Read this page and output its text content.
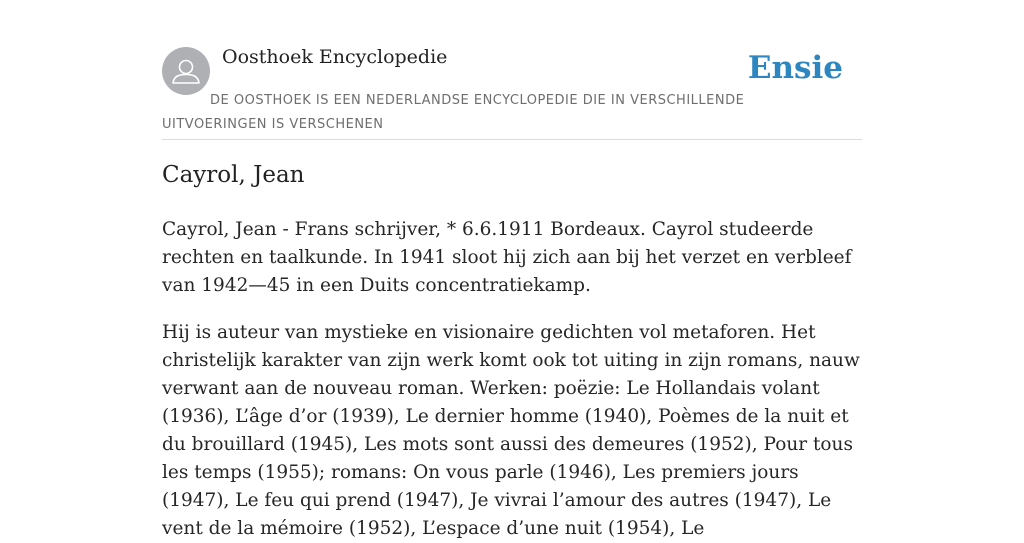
Oosthoek Encyclopedie	Ensie
DE OOSTHOEK IS EEN NEDERLANDSE ENCYCLOPEDIE DIE IN VERSCHILLENDE UITVOERINGEN IS VERSCHENEN
Cayrol, Jean

Cayrol, Jean - Frans schrijver, * 6.6.1911 Bordeaux. Cayrol studeerde rechten en taalkunde. In 1941 sloot hij zich aan bij het verzet en verbleef van 1942—45 in een Duits concentratiekamp.

Hij is auteur van mystieke en visionaire gedichten vol metaforen. Het christelijk karakter van zijn werk komt ook tot uiting in zijn romans, nauw verwant aan de nouveau roman. Werken: poëzie: Le Hollandais volant (1936), L’âge d’or (1939), Le dernier homme (1940), Poèmes de la nuit et du brouillard (1945), Les mots sont aussi des demeures (1952), Pour tous les temps (1955); romans: On vous parle (1946), Les premiers jours (1947), Le feu qui prend (1947), Je vivrai l’amour des autres (1947), Le vent de la mémoire (1952), L’espace d’une nuit (1954), Le
